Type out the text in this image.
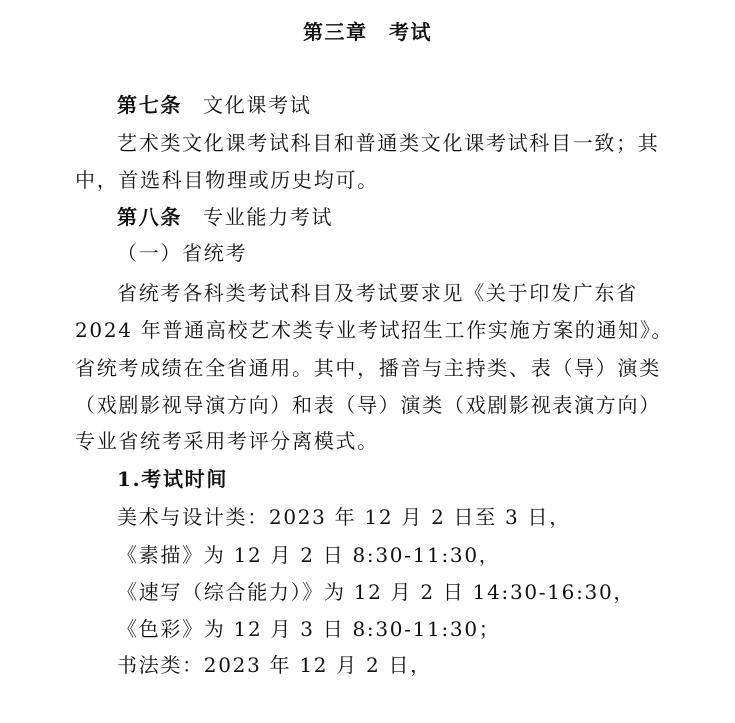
第三章　考试
第七条 文化课考试
艺术类文化课考试科目和普通类文化课考试科目一致；其
中，首选科目物理或历史均可。
第八条 专业能力考试
（一）省统考
省统考各科类考试科目及考试要求见《关于印发广东省
2024 年普通高校艺术类专业考试招生工作实施方案的通知》。
省统考成绩在全省通用。其中，播音与主持类、表（导）演类
（戏剧影视导演方向）和表（导）演类（戏剧影视表演方向）
专业省统考采用考评分离模式。
1.考试时间
美术与设计类：2023 年 12 月 2 日至 3 日，
《素描》为 12 月 2 日 8:30-11:30，
《速写（综合能力）》为 12 月 2 日 14:30-16:30，
《色彩》为 12 月 3 日 8:30-11:30；
书法类：2023 年 12 月 2 日，
